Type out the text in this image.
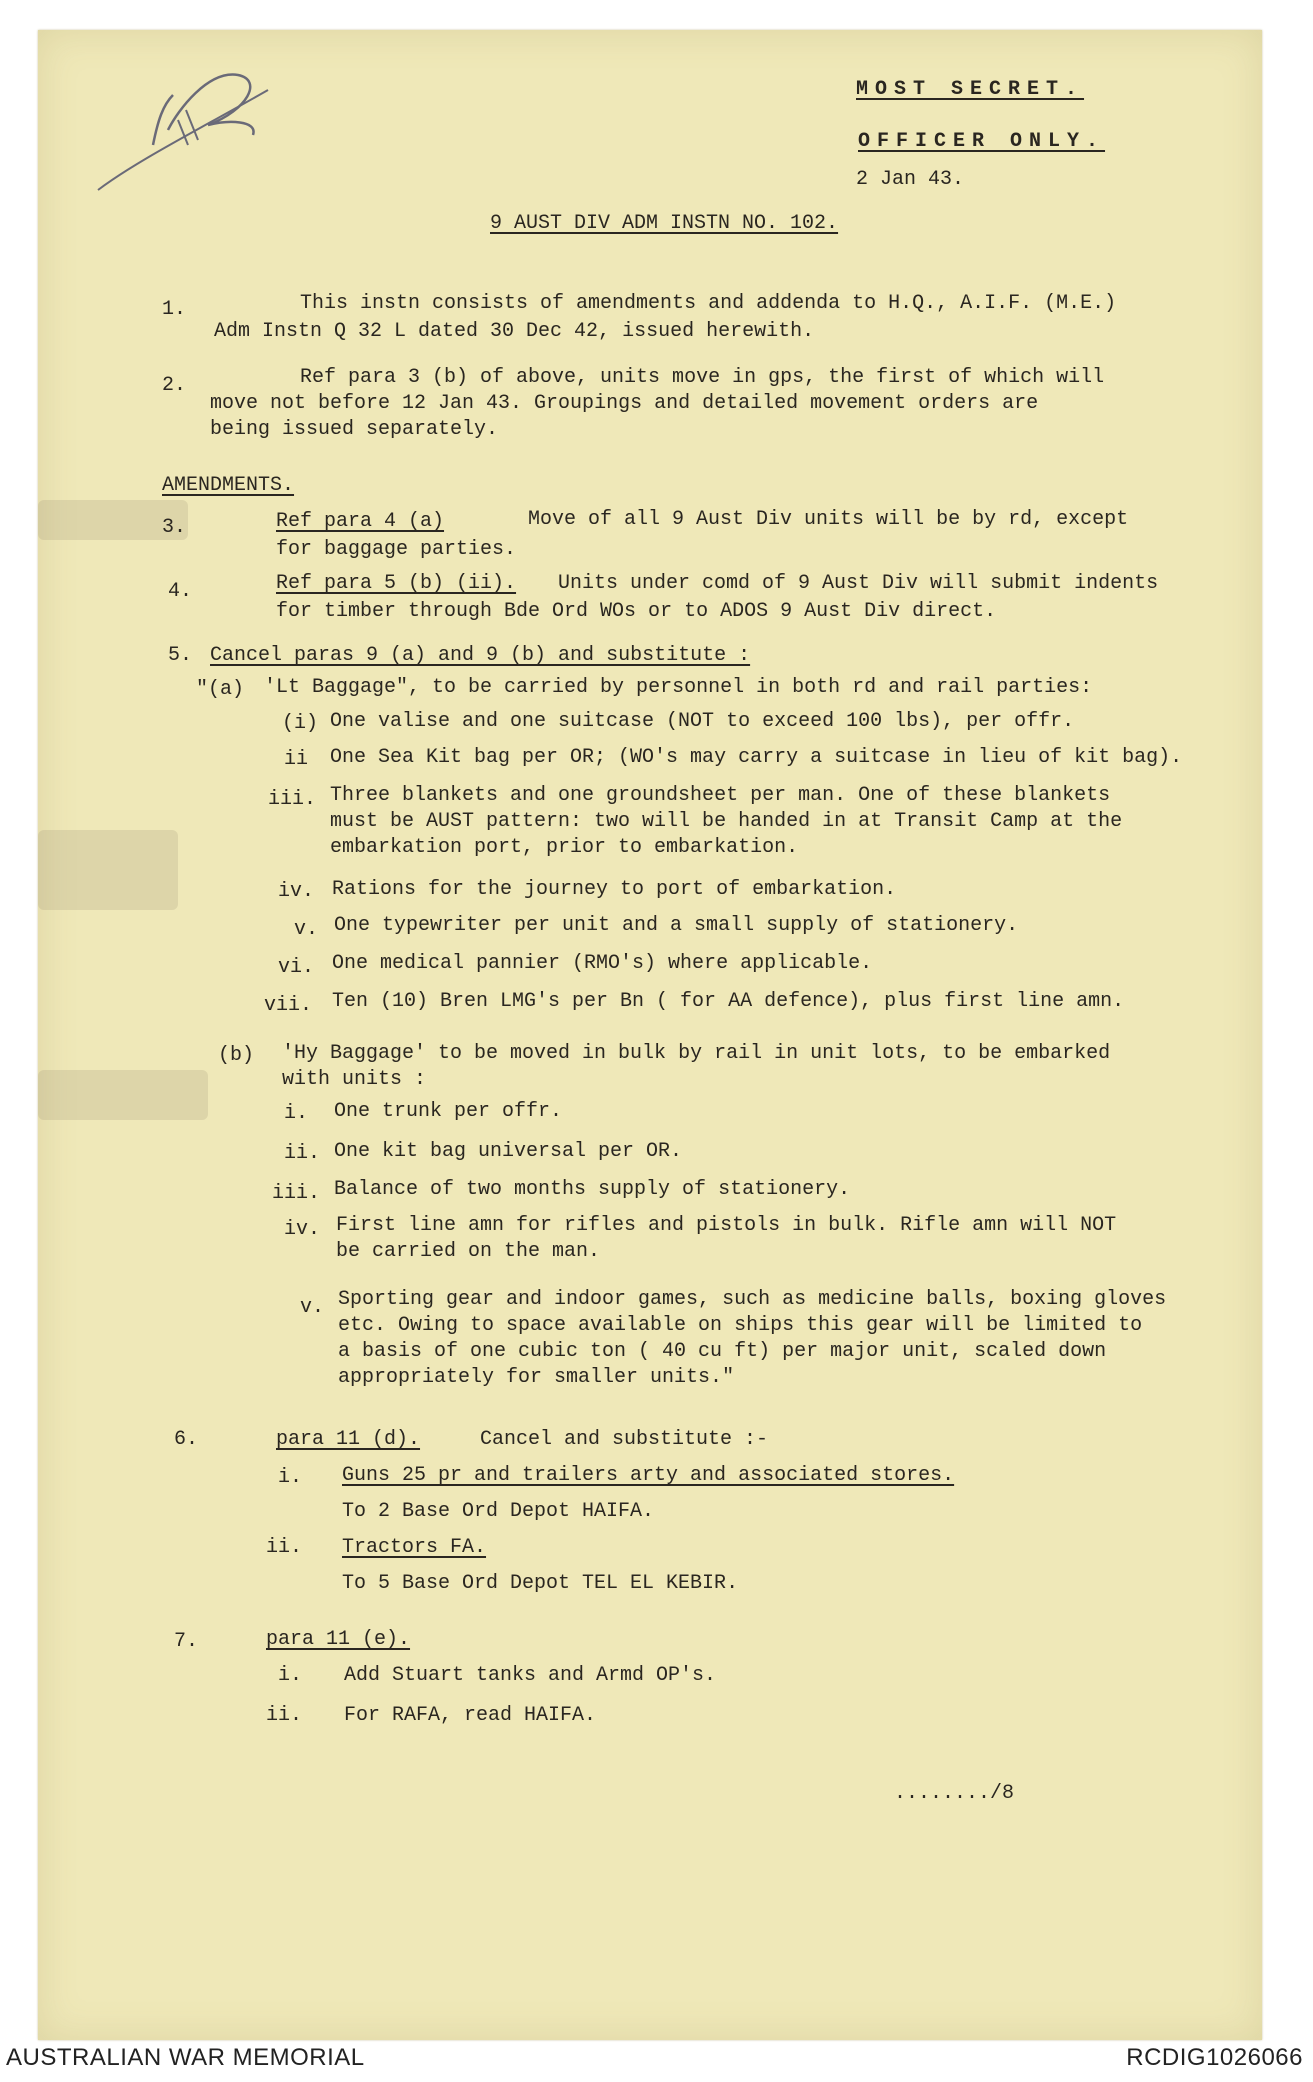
MOST SECRET.
OFFICER ONLY.
2 Jan 43.
9 AUST DIV ADM INSTN NO. 102.
1.	This instn consists of amendments and addenda to H.Q., A.I.F. (M.E.)
Adm Instn Q 32 L dated 30 Dec 42, issued herewith.
2.	Ref para 3 (b) of above, units move in gps, the first of which will
move not before 12 Jan 43. Groupings and detailed movement orders are
being issued separately.
AMENDMENTS.
3.	Ref para 4 (a)	Move of all 9 Aust Div units will be by rd, except
for baggage parties.
4.	Ref para 5 (b) (ii). Units under comd of 9 Aust Div will submit indents
for timber through Bde Ord WOs or to ADOS 9 Aust Div direct.
5. Cancel paras 9 (a) and 9 (b) and substitute :
"(a) 'Lt Baggage", to be carried by personnel in both rd and rail parties:
(i) One valise and one suitcase (NOT to exceed 100 lbs), per offr.
ii One Sea Kit bag per OR; (WO's may carry a suitcase in lieu of kit bag).
iii. Three blankets and one groundsheet per man. One of these blankets
must be AUST pattern: two will be handed in at Transit Camp at the
embarkation port, prior to embarkation.
iv. Rations for the journey to port of embarkation.
v. One typewriter per unit and a small supply of stationery.
vi. One medical pannier (RMO's) where applicable.
vii. Ten (10) Bren LMG's per Bn ( for AA defence), plus first line amn.
(b) 'Hy Baggage' to be moved in bulk by rail in unit lots, to be embarked
with units :
i. One trunk per offr.
ii. One kit bag universal per OR.
iii. Balance of two months supply of stationery.
iv. First line amn for rifles and pistols in bulk. Rifle amn will NOT
be carried on the man.
v. Sporting gear and indoor games, such as medicine balls, boxing gloves
etc. Owing to space available on ships this gear will be limited to
a basis of one cubic ton ( 40 cu ft) per major unit, scaled down
appropriately for smaller units."
6.	para 11 (d).	Cancel and substitute :-
i. Guns 25 pr and trailers arty and associated stores.
To 2 Base Ord Depot HAIFA.
ii. Tractors FA.
To 5 Base Ord Depot TEL EL KEBIR.
7.	para 11 (e).
i. Add Stuart tanks and Armd OP's.
ii. For RAFA, read HAIFA.
......../8
AUSTRALIAN WAR MEMORIAL	RCDIG1026066
